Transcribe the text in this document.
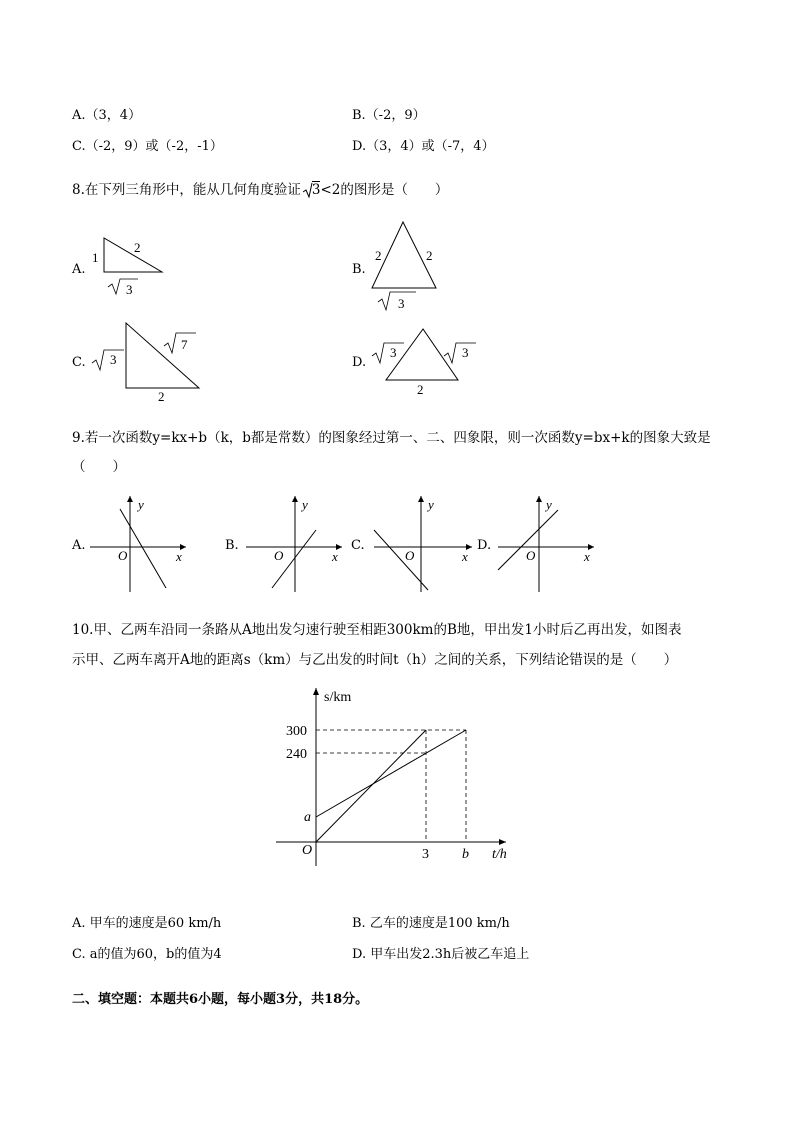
A.（3，4）	B.（-2，9）
C.（-2，9）或（-2，-1）	D.（3，4）或（-7，4）
8.在下列三角形中，能从几何角度验证 3<2的图形是（　　）
A.
1
2
3
B.
2	2
3
C. 3
7
2
D.
3	3
2
9.若一次函数y=kx+b（k，b都是常数）的图象经过第一、二、四象限，则一次函数y=bx+k的图象大致是
（　　）
A.
y
x
O
B.
y
x
O
C.
y
x
O
D.
y
x
O
10.甲、乙两车沿同一条路从A地出发匀速行驶至相距300km的B地，甲出发1小时后乙再出发，如图表
示甲、乙两车离开A地的距离s（km）与乙出发的时间t（h）之间的关系，下列结论错误的是（　　）
s/km
t/h
300
240
a
O	3 b
A. 甲车的速度是60 km/h	B. 乙车的速度是100 km/h
C. a的值为60，b的值为4	D. 甲车出发2.3h后被乙车追上
二、填空题：本题共6小题，每小题3分，共18分。
